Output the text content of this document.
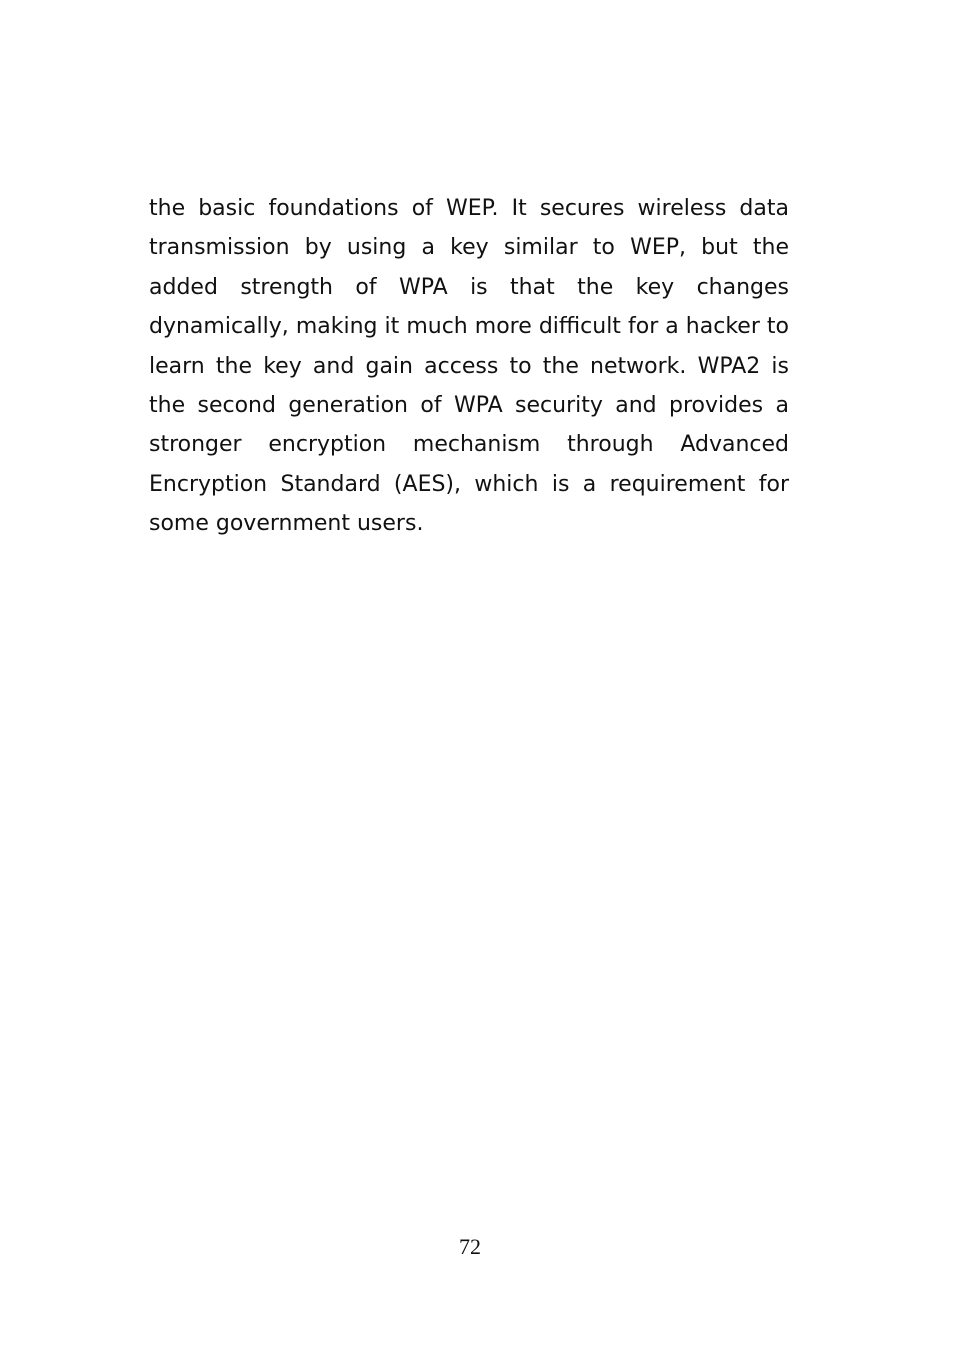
the basic foundations of WEP. It secures wireless data transmission by using a key similar to WEP, but the added strength of WPA is that the key changes dynamically, making it much more difficult for a hacker to learn the key and gain access to the network. WPA2 is the second generation of WPA security and provides a stronger encryption mechanism through Advanced Encryption Standard (AES), which is a requirement for some government users.

72
